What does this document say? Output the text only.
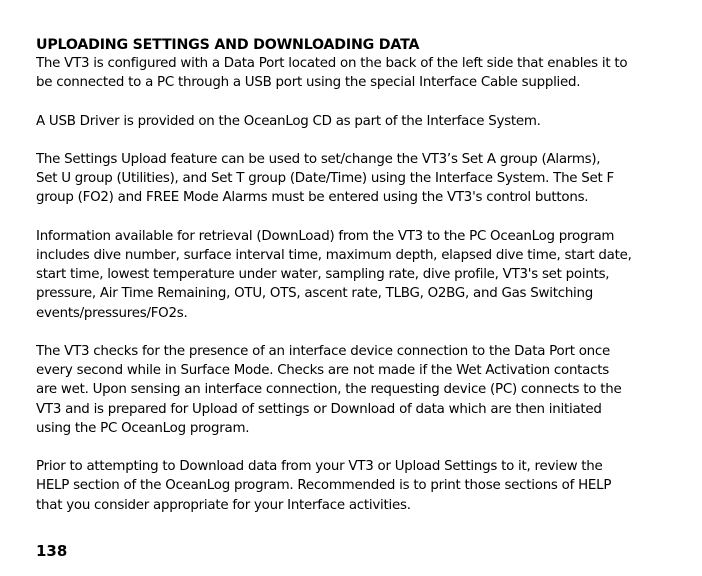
UPLOADING SETTINGS AND DOWNLOADING DATA

The VT3 is configured with a Data Port located on the back of the left side that enables it to
be connected to a PC through a USB port using the special Interface Cable supplied.

A USB Driver is provided on the OceanLog CD as part of the Interface System.

The Settings Upload feature can be used to set/change the VT3’s Set A group (Alarms),
Set U group (Utilities), and Set T group (Date/Time) using the Interface System. The Set F
group (FO2) and FREE Mode Alarms must be entered using the VT3's control buttons.

Information available for retrieval (DownLoad) from the VT3 to the PC OceanLog program
includes dive number, surface interval time, maximum depth, elapsed dive time, start date,
start time, lowest temperature under water, sampling rate, dive profile, VT3's set points,
pressure, Air Time Remaining, OTU, OTS, ascent rate, TLBG, O2BG, and Gas Switching
events/pressures/FO2s.

The VT3 checks for the presence of an interface device connection to the Data Port once
every second while in Surface Mode. Checks are not made if the Wet Activation contacts
are wet. Upon sensing an interface connection, the requesting device (PC) connects to the
VT3 and is prepared for Upload of settings or Download of data which are then initiated
using the PC OceanLog program.

Prior to attempting to Download data from your VT3 or Upload Settings to it, review the
HELP section of the OceanLog program. Recommended is to print those sections of HELP
that you consider appropriate for your Interface activities.

138
